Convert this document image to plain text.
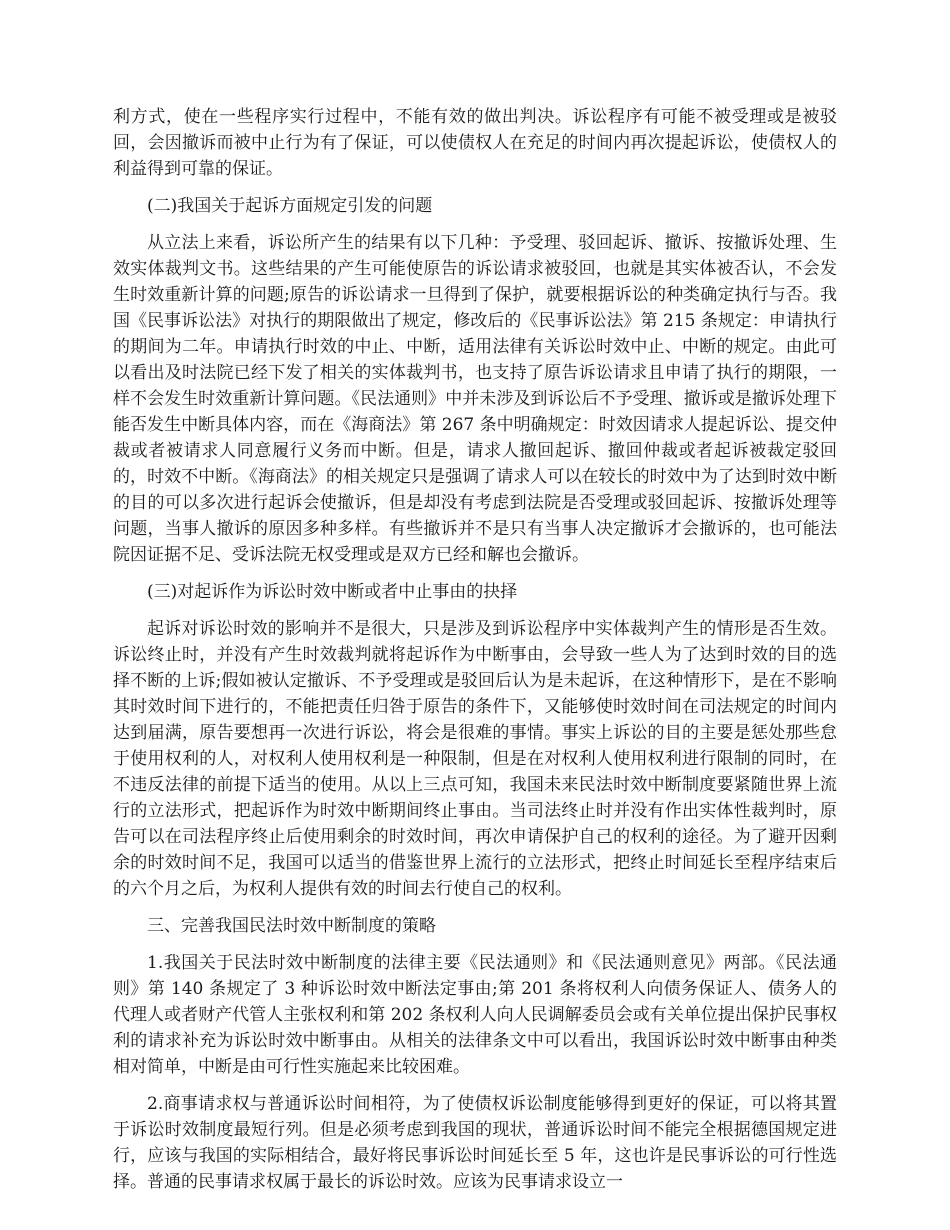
利方式，使在一些程序实行过程中，不能有效的做出判决。诉讼程序有可能不被受理或是被驳回，会因撤诉而被中止行为有了保证，可以使债权人在充足的时间内再次提起诉讼，使债权人的利益得到可靠的保证。

(二)我国关于起诉方面规定引发的问题

从立法上来看，诉讼所产生的结果有以下几种：予受理、驳回起诉、撤诉、按撤诉处理、生效实体裁判文书。这些结果的产生可能使原告的诉讼请求被驳回，也就是其实体被否认，不会发生时效重新计算的问题;原告的诉讼请求一旦得到了保护，就要根据诉讼的种类确定执行与否。我国《民事诉讼法》对执行的期限做出了规定，修改后的《民事诉讼法》第 215 条规定：申请执行的期间为二年。申请执行时效的中止、中断，适用法律有关诉讼时效中止、中断的规定。由此可以看出及时法院已经下发了相关的实体裁判书，也支持了原告诉讼请求且申请了执行的期限，一样不会发生时效重新计算问题。《民法通则》中并未涉及到诉讼后不予受理、撤诉或是撤诉处理下能否发生中断具体内容，而在《海商法》第 267 条中明确规定：时效因请求人提起诉讼、提交仲裁或者被请求人同意履行义务而中断。但是，请求人撤回起诉、撤回仲裁或者起诉被裁定驳回的，时效不中断。《海商法》的相关规定只是强调了请求人可以在较长的时效中为了达到时效中断的目的可以多次进行起诉会使撤诉，但是却没有考虑到法院是否受理或驳回起诉、按撤诉处理等问题，当事人撤诉的原因多种多样。有些撤诉并不是只有当事人决定撤诉才会撤诉的，也可能法院因证据不足、受诉法院无权受理或是双方已经和解也会撤诉。

(三)对起诉作为诉讼时效中断或者中止事由的抉择

起诉对诉讼时效的影响并不是很大，只是涉及到诉讼程序中实体裁判产生的情形是否生效。诉讼终止时，并没有产生时效裁判就将起诉作为中断事由，会导致一些人为了达到时效的目的选择不断的上诉;假如被认定撤诉、不予受理或是驳回后认为是未起诉，在这种情形下，是在不影响其时效时间下进行的，不能把责任归咎于原告的条件下，又能够使时效时间在司法规定的时间内达到届满，原告要想再一次进行诉讼，将会是很难的事情。事实上诉讼的目的主要是惩处那些怠于使用权利的人，对权利人使用权利是一种限制，但是在对权利人使用权利进行限制的同时，在不违反法律的前提下适当的使用。从以上三点可知，我国未来民法时效中断制度要紧随世界上流行的立法形式，把起诉作为时效中断期间终止事由。当司法终止时并没有作出实体性裁判时，原告可以在司法程序终止后使用剩余的时效时间，再次申请保护自己的权利的途径。为了避开因剩余的时效时间不足，我国可以适当的借鉴世界上流行的立法形式，把终止时间延长至程序结束后的六个月之后，为权利人提供有效的时间去行使自己的权利。

三、完善我国民法时效中断制度的策略

1.我国关于民法时效中断制度的法律主要《民法通则》和《民法通则意见》两部。《民法通则》第 140 条规定了 3 种诉讼时效中断法定事由;第 201 条将权利人向债务保证人、债务人的代理人或者财产代管人主张权利和第 202 条权利人向人民调解委员会或有关单位提出保护民事权利的请求补充为诉讼时效中断事由。从相关的法律条文中可以看出，我国诉讼时效中断事由种类相对简单，中断是由可行性实施起来比较困难。

2.商事请求权与普通诉讼时间相符，为了使债权诉讼制度能够得到更好的保证，可以将其置于诉讼时效制度最短行列。但是必须考虑到我国的现状，普通诉讼时间不能完全根据德国规定进行，应该与我国的实际相结合，最好将民事诉讼时间延长至 5 年，这也许是民事诉讼的可行性选择。普通的民事请求权属于最长的诉讼时效。应该为民事请求设立一
